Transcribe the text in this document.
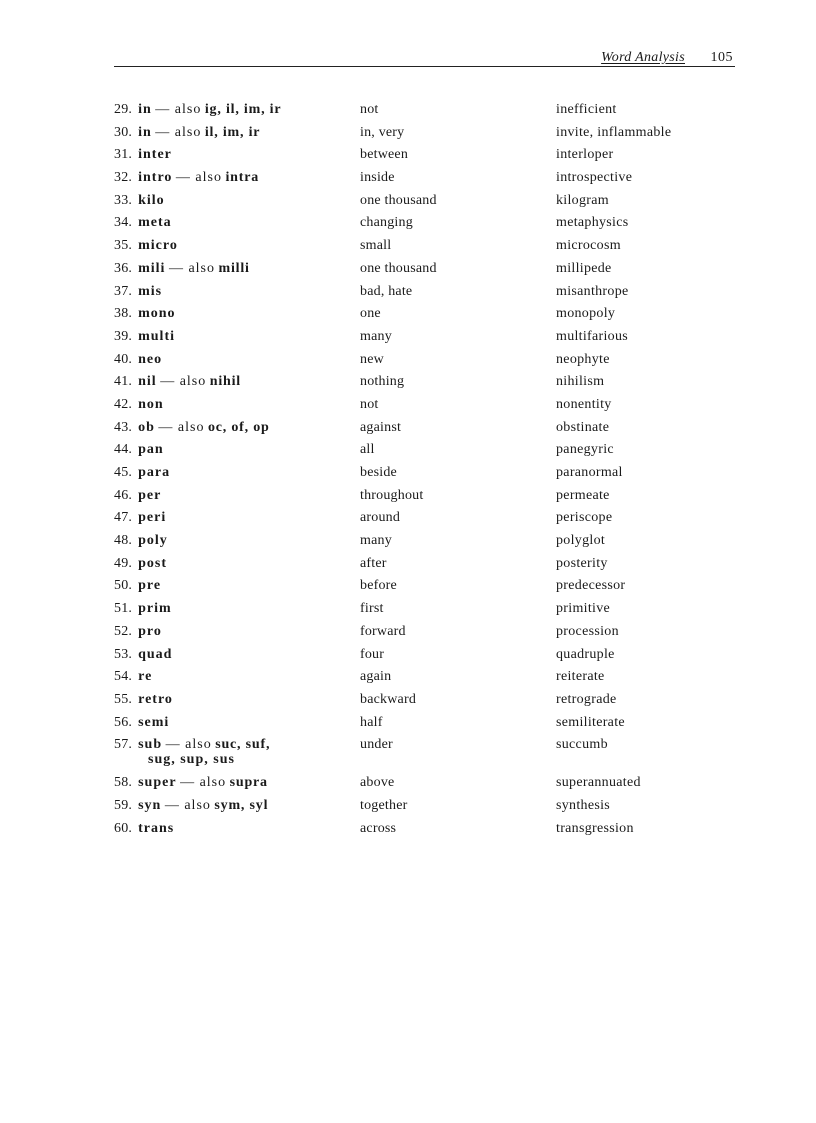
Word Analysis 105
29. in — also ig, il, im, ir	not	inefficient
30. in — also il, im, ir	in, very	invite, inflammable
31. inter	between	interloper
32. intro — also intra	inside	introspective
33. kilo	one thousand	kilogram
34. meta	changing	metaphysics
35. micro	small	microcosm
36. mili — also milli	one thousand	millipede
37. mis	bad, hate	misanthrope
38. mono	one	monopoly
39. multi	many	multifarious
40. neo	new	neophyte
41. nil — also nihil	nothing	nihilism
42. non	not	nonentity
43. ob — also oc, of, op	against	obstinate
44. pan	all	panegyric
45. para	beside	paranormal
46. per	throughout	permeate
47. peri	around	periscope
48. poly	many	polyglot
49. post	after	posterity
50. pre	before	predecessor
51. prim	first	primitive
52. pro	forward	procession
53. quad	four	quadruple
54. re	again	reiterate
55. retro	backward	retrograde
56. semi	half	semiliterate
57. sub — also suc, suf,
sug, sup, sus
under	succumb
58. super — also supra	above	superannuated
59. syn — also sym, syl	together	synthesis
60. trans	across	transgression
